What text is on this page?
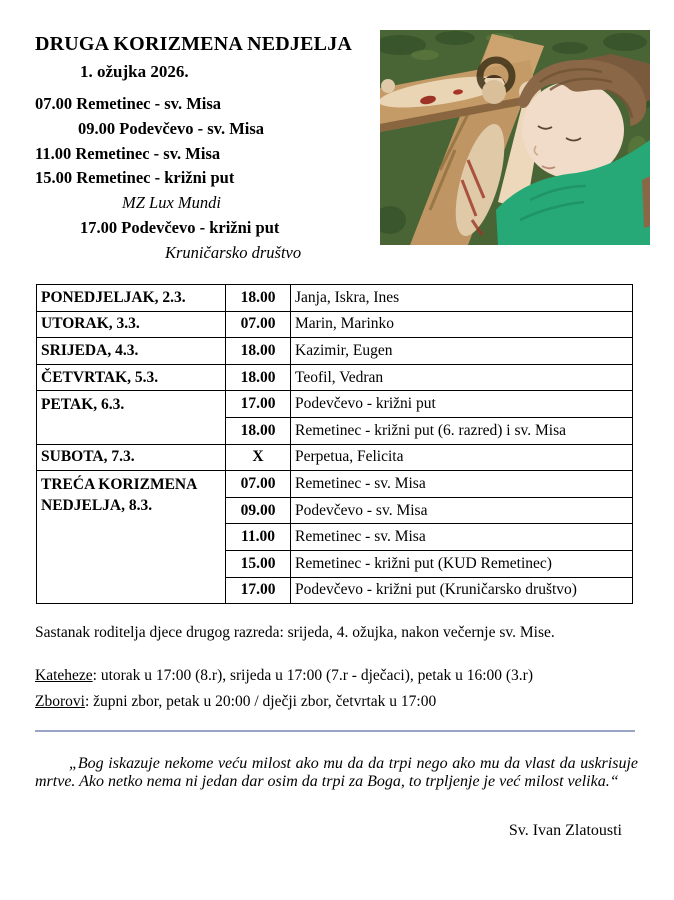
DRUGA KORIZMENA NEDJELJA
1. ožujka 2026.
07.00 Remetinec - sv. Misa
09.00 Podevčevo - sv. Misa
11.00 Remetinec - sv. Misa
15.00 Remetinec - križni put
MZ Lux Mundi
17.00 Podevčevo - križni put
Kruničarsko društvo
PONEDJELJAK, 2.3.	18.00	Janja, Iskra, Ines
UTORAK, 3.3.	07.00	Marin, Marinko
SRIJEDA, 4.3.	18.00	Kazimir, Eugen
ČETVRTAK, 5.3.	18.00	Teofil, Vedran
PETAK, 6.3.	17.00	Podevčevo - križni put
	18.00	Remetinec - križni put (6. razred) i sv. Misa
SUBOTA, 7.3.	X	Perpetua, Felicita
TREĆA KORIZMENA NEDJELJA, 8.3.	07.00	Remetinec - sv. Misa
	09.00	Podevčevo - sv. Misa
	11.00	Remetinec - sv. Misa
	15.00	Remetinec - križni put (KUD Remetinec)
	17.00	Podevčevo - križni put (Kruničarsko društvo)
Sastanak roditelja djece drugog razreda: srijeda, 4. ožujka, nakon večernje sv. Mise.
Kateheze: utorak u 17:00 (8.r), srijeda u 17:00 (7.r - dječaci), petak u 16:00 (3.r)
Zborovi: župni zbor, petak u 20:00 / dječji zbor, četvrtak u 17:00
„Bog iskazuje nekome veću milost ako mu da da trpi nego ako mu da vlast da uskrisuje mrtve. Ako netko nema ni jedan dar osim da trpi za Boga, to trpljenje je već milost velika.“
Sv. Ivan Zlatousti
